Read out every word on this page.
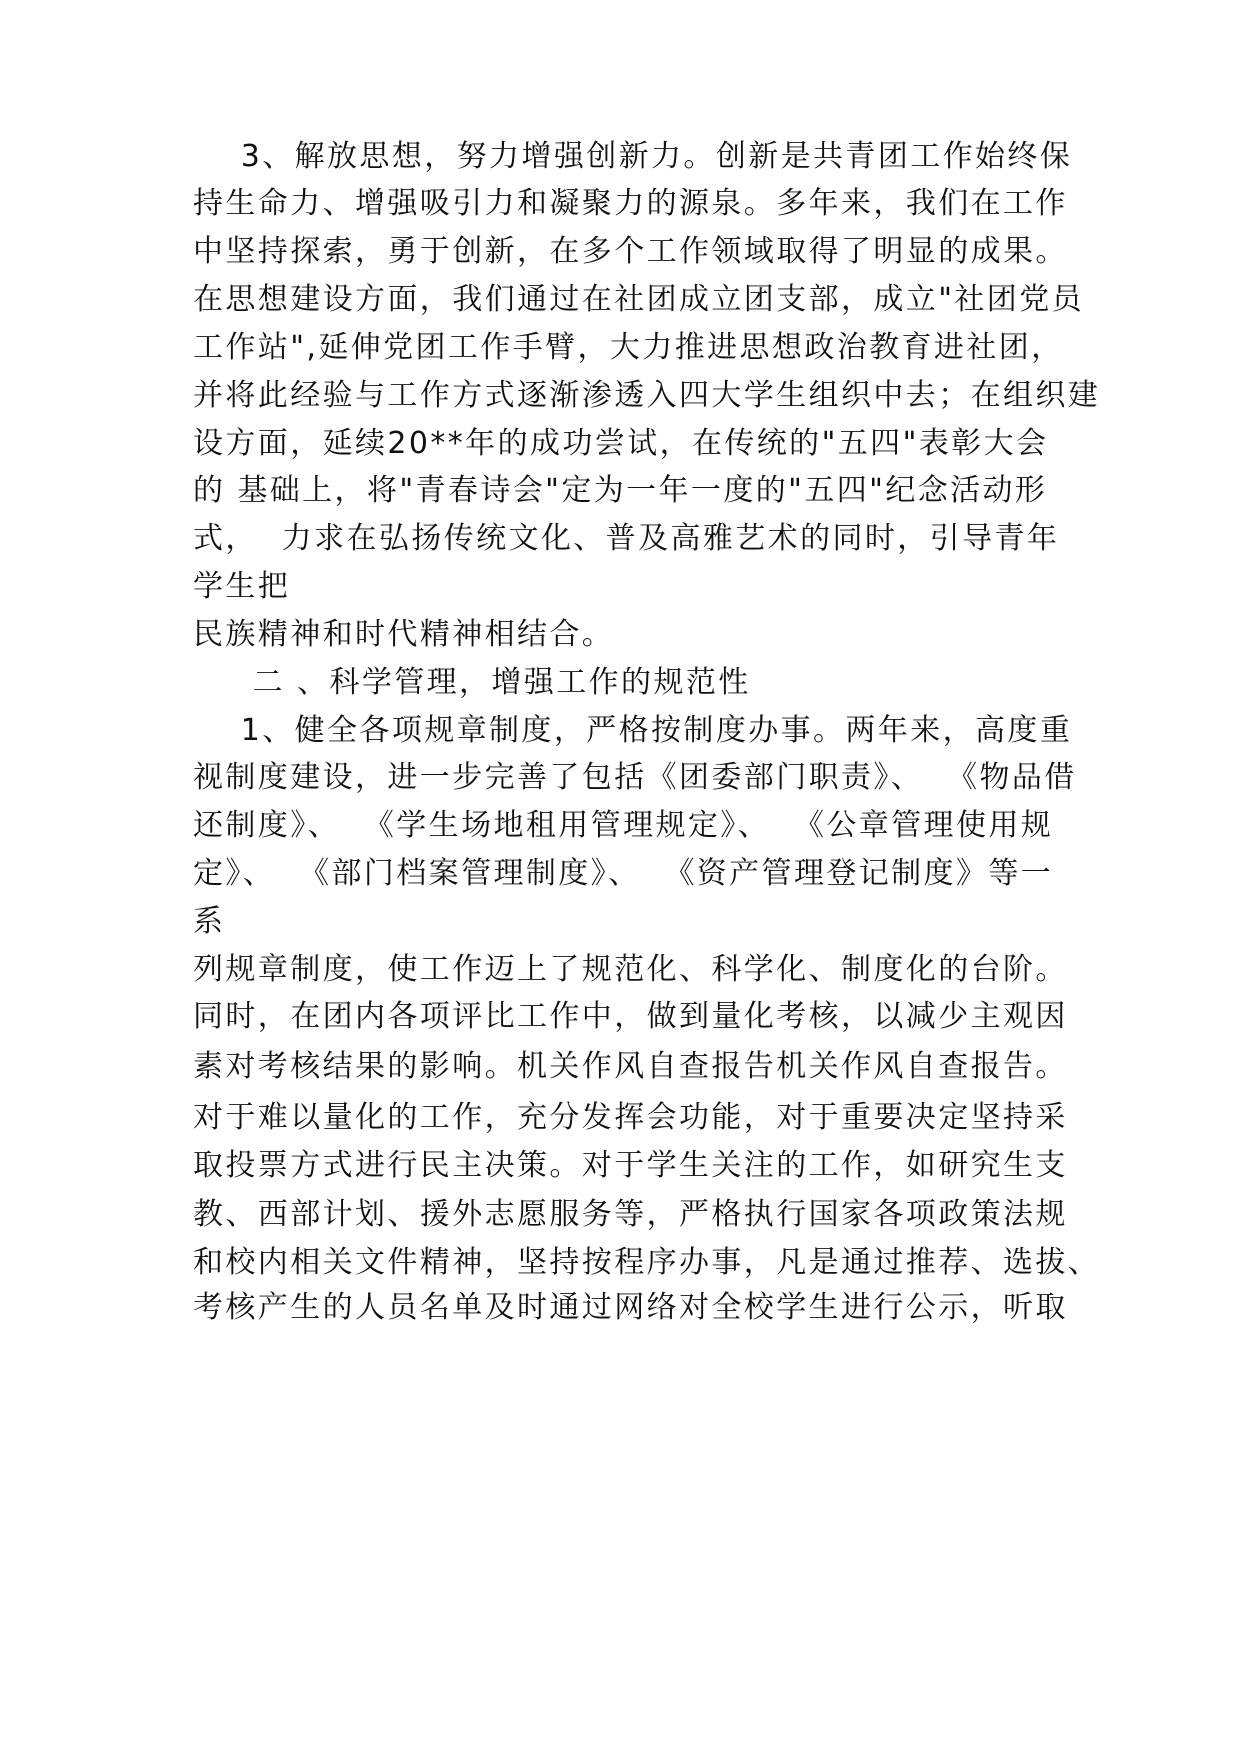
3、解放思想，努力增强创新力。创新是共青团工作始终保
持生命力、增强吸引力和凝聚力的源泉。多年来，我们在工作
中坚持探索，勇于创新，在多个工作领域取得了明显的成果。
在思想建设方面，我们通过在社团成立团支部，成立"社团党员
工作站",延伸党团工作手臂，大力推进思想政治教育进社团，
并将此经验与工作方式逐渐渗透入四大学生组织中去；在组织建
设方面，延续20**年的成功尝试，在传统的"五四"表彰大会
的 基础上，将"青春诗会"定为一年一度的"五四"纪念活动形
式，  力求在弘扬传统文化、普及高雅艺术的同时，引导青年
学生把
民族精神和时代精神相结合。
二 、科学管理，增强工作的规范性
1、健全各项规章制度，严格按制度办事。两年来，高度重
视制度建设，进一步完善了包括《团委部门职责》、  《物品借
还制度》、  《学生场地租用管理规定》、  《公章管理使用规
定》、  《部门档案管理制度》、  《资产管理登记制度》等一
系
列规章制度，使工作迈上了规范化、科学化、制度化的台阶。
同时，在团内各项评比工作中，做到量化考核，以减少主观因
素对考核结果的影响。机关作风自查报告机关作风自查报告。
对于难以量化的工作，充分发挥会功能，对于重要决定坚持采
取投票方式进行民主决策。对于学生关注的工作，如研究生支
教、西部计划、援外志愿服务等，严格执行国家各项政策法规
和校内相关文件精神，坚持按程序办事，凡是通过推荐、选拔、
考核产生的人员名单及时通过网络对全校学生进行公示，听取
